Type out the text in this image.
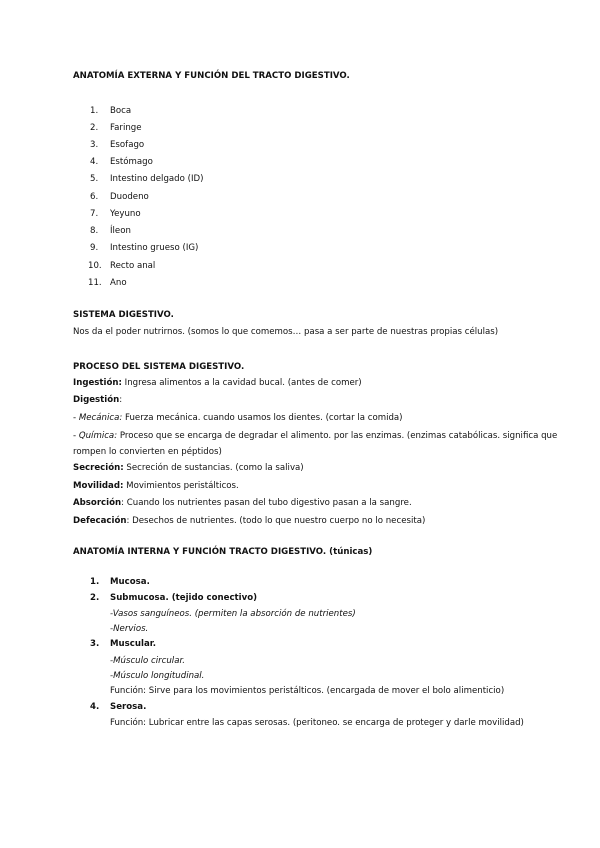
ANATOMÍA EXTERNA Y FUNCIÓN DEL TRACTO DIGESTIVO.
1. Boca
2. Faringe
3. Esofago
4. Estómago
5. Intestino delgado (ID)
6. Duodeno
7. Yeyuno
8. Íleon
9. Intestino grueso (IG)
10. Recto anal
11. Ano
SISTEMA DIGESTIVO.
Nos da el poder nutrirnos. (somos lo que comemos… pasa a ser parte de nuestras propias células)
PROCESO DEL SISTEMA DIGESTIVO.
Ingestión: Ingresa alimentos a la cavidad bucal. (antes de comer)
Digestión:
- Mecánica: Fuerza mecánica. cuando usamos los dientes. (cortar la comida)
- Química: Proceso que se encarga de degradar el alimento. por las enzimas. (enzimas catabólicas. significa que
rompen lo convierten en péptidos)
Secreción: Secreción de sustancias. (como la saliva)
Movilidad: Movimientos peristálticos.
Absorción: Cuando los nutrientes pasan del tubo digestivo pasan a la sangre.
Defecación: Desechos de nutrientes. (todo lo que nuestro cuerpo no lo necesita)
ANATOMÍA INTERNA Y FUNCIÓN TRACTO DIGESTIVO. (túnicas)
1. Mucosa.
2. Submucosa. (tejido conectivo)
-Vasos sanguíneos. (permiten la absorción de nutrientes)
-Nervios.
3. Muscular.
-Músculo circular.
-Músculo longitudinal.
Función: Sirve para los movimientos peristálticos. (encargada de mover el bolo alimenticio)
4. Serosa.
Función: Lubricar entre las capas serosas. (peritoneo. se encarga de proteger y darle movilidad)
